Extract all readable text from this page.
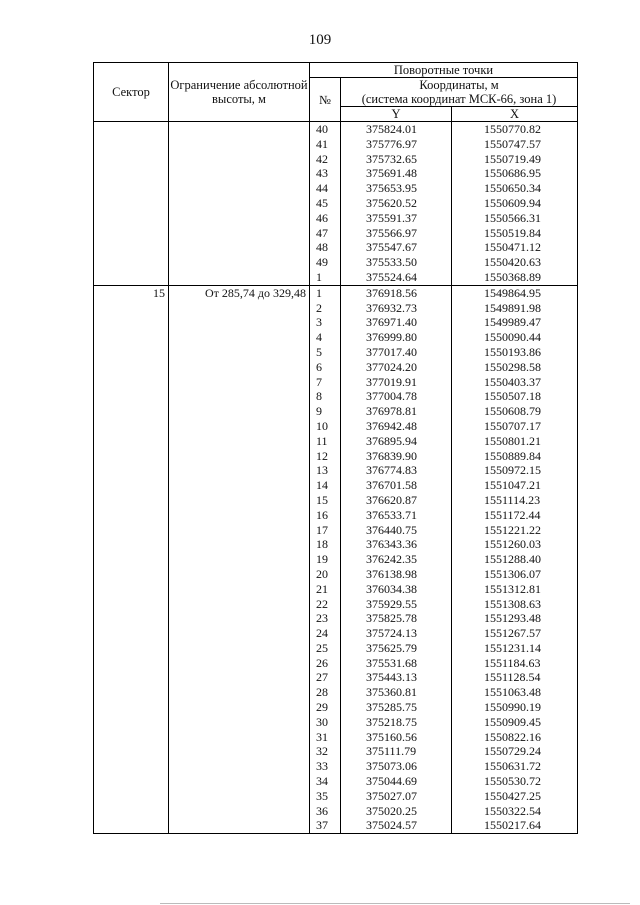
109
Сектор	Ограничение абсолютной высоты, м	Поворотные точки		
		№	Координаты, м
(система координат МСК-66, зона 1)	

			Y	X
		40	375824.01	1550770.82
		41	375776.97	1550747.57
		42	375732.65	1550719.49
		43	375691.48	1550686.95
		44	375653.95	1550650.34
		45	375620.52	1550609.94
		46	375591.37	1550566.31
		47	375566.97	1550519.84
		48	375547.67	1550471.12
		49	375533.50	1550420.63
		1	375524.64	1550368.89
15	От 285,74 до 329,48	1	376918.56	1549864.95
		2	376932.73	1549891.98
		3	376971.40	1549989.47
		4	376999.80	1550090.44
		5	377017.40	1550193.86
		6	377024.20	1550298.58
		7	377019.91	1550403.37
		8	377004.78	1550507.18
		9	376978.81	1550608.79
		10	376942.48	1550707.17
		11	376895.94	1550801.21
		12	376839.90	1550889.84
		13	376774.83	1550972.15
		14	376701.58	1551047.21
		15	376620.87	1551114.23
		16	376533.71	1551172.44
		17	376440.75	1551221.22
		18	376343.36	1551260.03
		19	376242.35	1551288.40
		20	376138.98	1551306.07
		21	376034.38	1551312.81
		22	375929.55	1551308.63
		23	375825.78	1551293.48
		24	375724.13	1551267.57
		25	375625.79	1551231.14
		26	375531.68	1551184.63
		27	375443.13	1551128.54
		28	375360.81	1551063.48
		29	375285.75	1550990.19
		30	375218.75	1550909.45
		31	375160.56	1550822.16
		32	375111.79	1550729.24
		33	375073.06	1550631.72
		34	375044.69	1550530.72
		35	375027.07	1550427.25
		36	375020.25	1550322.54
		37	375024.57	1550217.64
